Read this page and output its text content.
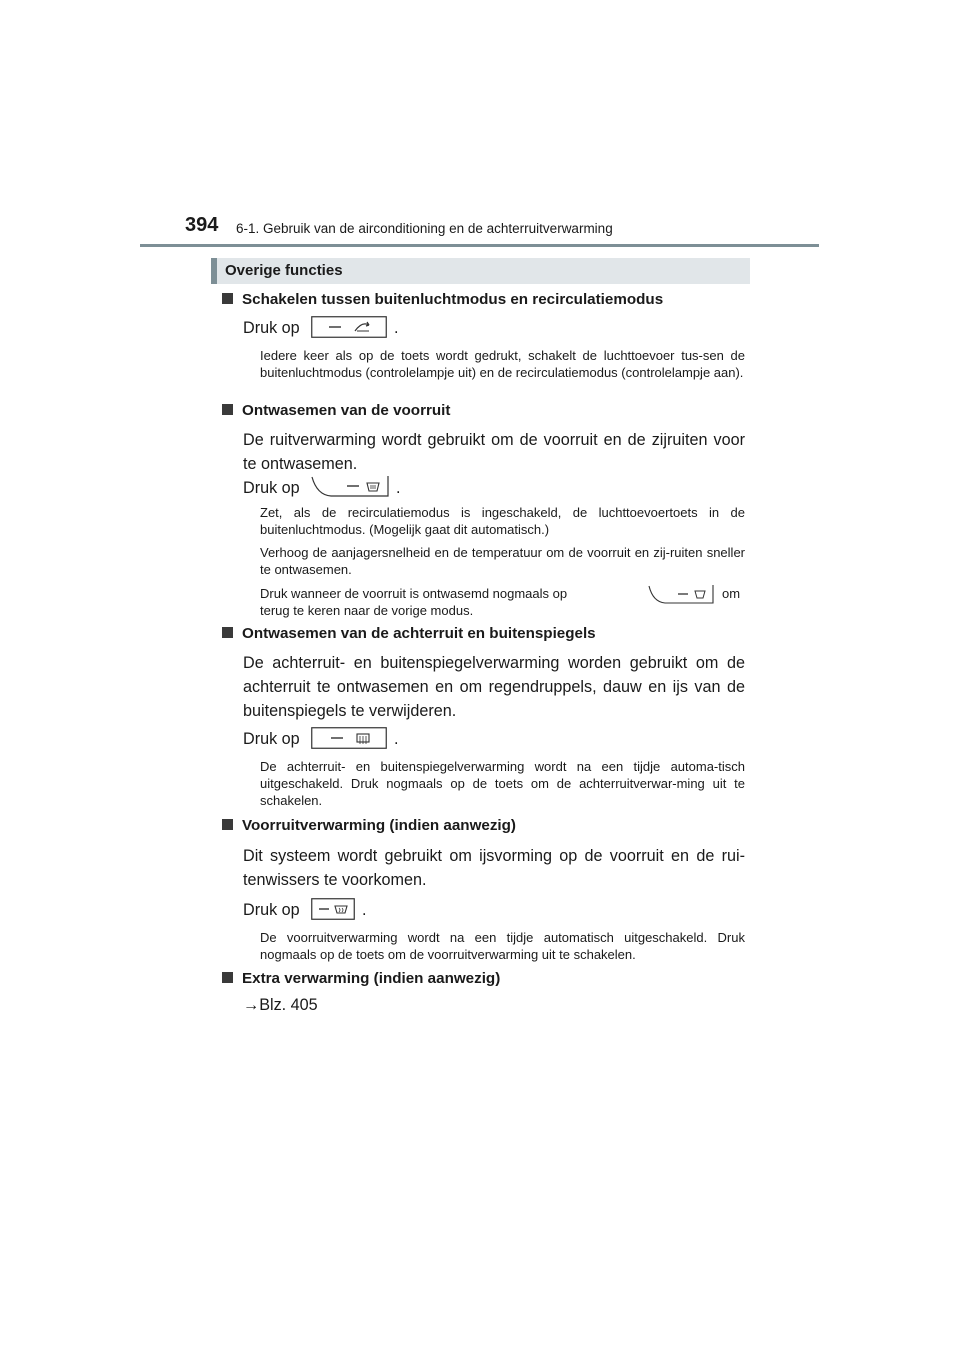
394 6-1. Gebruik van de airconditioning en de achterruitverwarming
Overige functies
Schakelen tussen buitenluchtmodus en recirculatiemodus
Druk op	.
Iedere keer als op de toets wordt gedrukt, schakelt de luchttoevoer tus-sen de buitenluchtmodus (controlelampje uit) en de recirculatiemodus (controlelampje aan).
Ontwasemen van de voorruit
De ruitverwarming wordt gebruikt om de voorruit en de zijruiten voor te ontwasemen.
Druk op	.
Zet, als de recirculatiemodus is ingeschakeld, de luchttoevoertoets in de buitenluchtmodus. (Mogelijk gaat dit automatisch.)
Verhoog de aanjagersnelheid en de temperatuur om de voorruit en zij-ruiten sneller te ontwasemen.
Druk wanneer de voorruit is ontwasemd nogmaals op	om
terug te keren naar de vorige modus.
Ontwasemen van de achterruit en buitenspiegels
De achterruit- en buitenspiegelverwarming worden gebruikt om de achterruit te ontwasemen en om regendruppels, dauw en ijs van de buitenspiegels te verwijderen.
Druk op	.
De achterruit- en buitenspiegelverwarming wordt na een tijdje automa-tisch uitgeschakeld. Druk nogmaals op de toets om de achterruitverwar-ming uit te schakelen.
Voorruitverwarming (indien aanwezig)
Dit systeem wordt gebruikt om ijsvorming op de voorruit en de rui-tenwissers te voorkomen.
Druk op	.
De voorruitverwarming wordt na een tijdje automatisch uitgeschakeld. Druk nogmaals op de toets om de voorruitverwarming uit te schakelen.
Extra verwarming (indien aanwezig)
→Blz. 405
